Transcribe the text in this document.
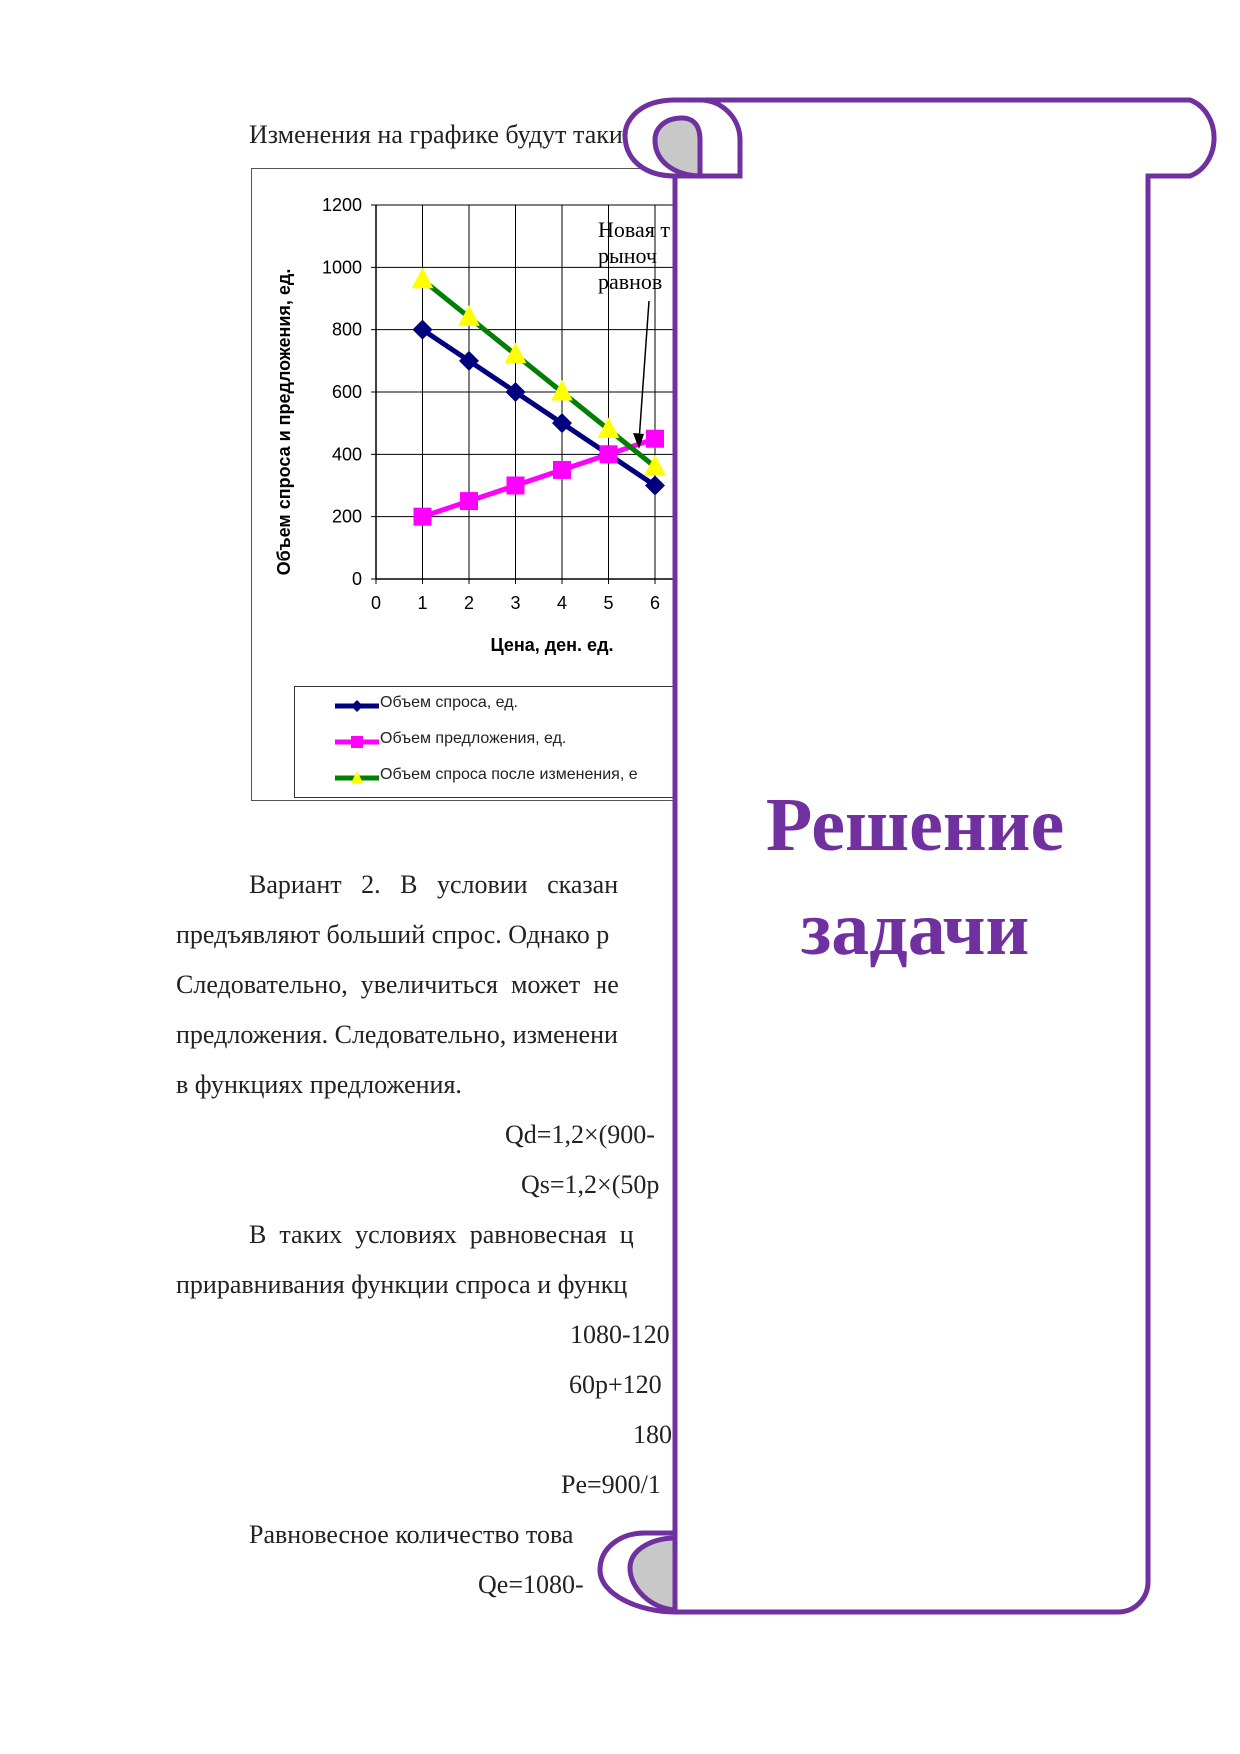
Изменения на графике будут таки
0
200
400
600
800
1000
1200
0 1 2 3 4 5 6
Объем спроса и предложения, ед.
Цена, ден. ед.
Новая т
рыноч
равнов
Объем спроса, ед.
Объем предложения, ед.
Объем спроса после изменения, е
Вариант   2.   В   условии   сказан
предъявляют больший спрос. Однако р
Следовательно,  увеличиться  может  не
предложения. Следовательно, изменени
в функциях предложения.
Qd=1,2×(900-
Qs=1,2×(50p
В  таких  условиях  равновесная  ц
приравнивания функции спроса и функц
1080-120
60p+120
180
Pe=900/1
Равновесное количество това
Qe=1080-
Решение
задачи
